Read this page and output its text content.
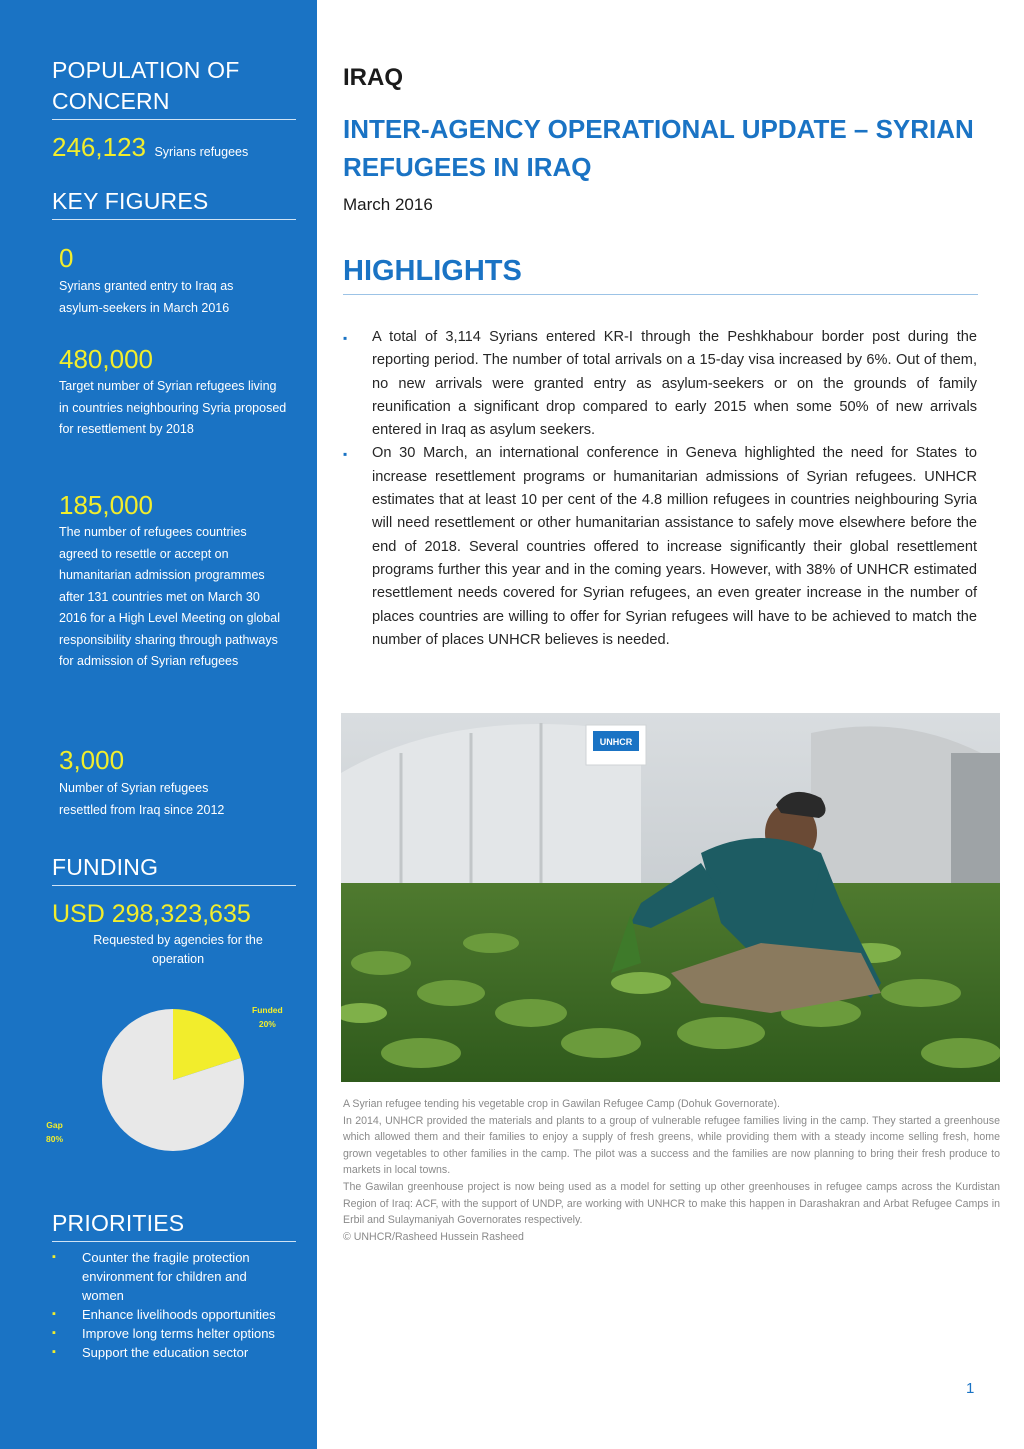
POPULATION OF CONCERN
246,123 Syrians refugees
KEY FIGURES
0
Syrians granted entry to Iraq as asylum-seekers in March 2016
480,000
Target number of Syrian refugees living in countries neighbouring Syria proposed for resettlement by 2018
185,000
The number of refugees countries agreed to resettle or accept on humanitarian admission programmes after 131 countries met on March 30 2016 for a High Level Meeting on global responsibility sharing through pathways for admission of Syrian refugees
3,000
Number of Syrian refugees resettled from Iraq since 2012
FUNDING
USD 298,323,635
Requested by agencies for the operation
Funded
20%
Gap
80%
PRIORITIES
▪ Counter the fragile protection environment for children and women
▪ Enhance livelihoods opportunities
▪ Improve long terms helter options
▪ Support the education sector
IRAQ
INTER-AGENCY OPERATIONAL UPDATE – SYRIAN REFUGEES IN IRAQ
March 2016
HIGHLIGHTS
▪ A total of 3,114 Syrians entered KR-I through the Peshkhabour border post during the reporting period. The number of total arrivals on a 15-day visa increased by 6%. Out of them, no new arrivals were granted entry as asylum-seekers or on the grounds of family reunification a significant drop compared to early 2015 when some 50% of new arrivals entered in Iraq as asylum seekers.
▪ On 30 March, an international conference in Geneva highlighted the need for States to increase resettlement programs or humanitarian admissions of Syrian refugees. UNHCR estimates that at least 10 per cent of the 4.8 million refugees in countries neighbouring Syria will need resettlement or other humanitarian assistance to safely move elsewhere before the end of 2018. Several countries offered to increase significantly their global resettlement programs further this year and in the coming years. However, with 38% of UNHCR estimated resettlement needs covered for Syrian refugees, an even greater increase in the number of places countries are willing to offer for Syrian refugees will have to be achieved to match the number of places UNHCR believes is needed.
UNHCR
A Syrian refugee tending his vegetable crop in Gawilan Refugee Camp (Dohuk Governorate).
In 2014, UNHCR provided the materials and plants to a group of vulnerable refugee families living in the camp. They started a greenhouse which allowed them and their families to enjoy a supply of fresh greens, while providing them with a steady income selling fresh, home grown vegetables to other families in the camp. The pilot was a success and the families are now planning to bring their fresh produce to markets in local towns.
The Gawilan greenhouse project is now being used as a model for setting up other greenhouses in refugee camps across the Kurdistan Region of Iraq: ACF, with the support of UNDP, are working with UNHCR to make this happen in Darashakran and Arbat Refugee Camps in Erbil and Sulaymaniyah Governorates respectively.
© UNHCR/Rasheed Hussein Rasheed
1
